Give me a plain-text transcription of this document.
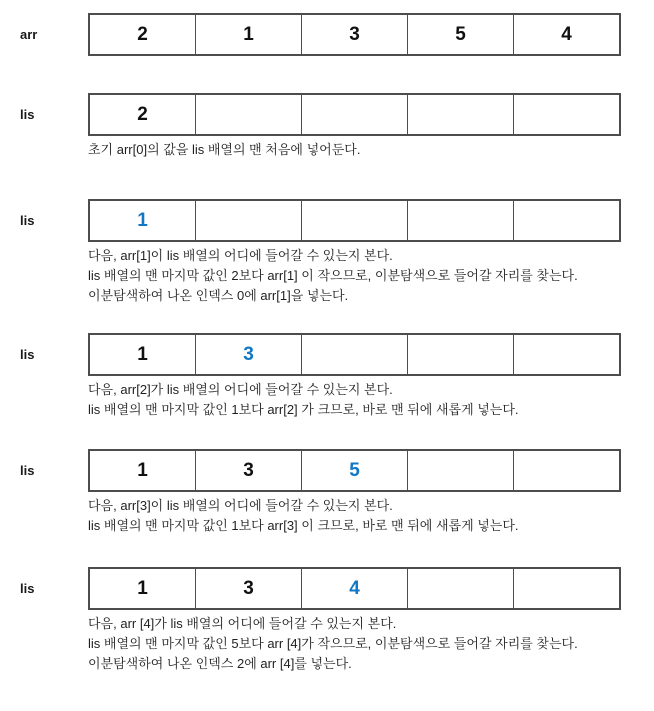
arr	2	1	3	5	4
lis	2
초기 arr[0]의 값을 lis 배열의 맨 처음에 넣어둔다.
lis	1
다음, arr[1]이 lis 배열의 어디에 들어갈 수 있는지 본다.
lis 배열의 맨 마지막 값인 2보다 arr[1] 이 작으므로, 이분탐색으로 들어갈 자리를 찾는다.
이분탐색하여 나온 인덱스 0에 arr[1]을 넣는다.
lis	1	3
다음, arr[2]가 lis 배열의 어디에 들어갈 수 있는지 본다.
lis 배열의 맨 마지막 값인 1보다 arr[2] 가 크므로, 바로 맨 뒤에 새롭게 넣는다.
lis	1	3	5
다음, arr[3]이 lis 배열의 어디에 들어갈 수 있는지 본다.
lis 배열의 맨 마지막 값인 1보다 arr[3] 이 크므로, 바로 맨 뒤에 새롭게 넣는다.
lis	1	3	4
다음, arr [4]가 lis 배열의 어디에 들어갈 수 있는지 본다.
lis 배열의 맨 마지막 값인 5보다 arr [4]가 작으므로, 이분탐색으로 들어갈 자리를 찾는다.
이분탐색하여 나온 인덱스 2에 arr [4]를 넣는다.
